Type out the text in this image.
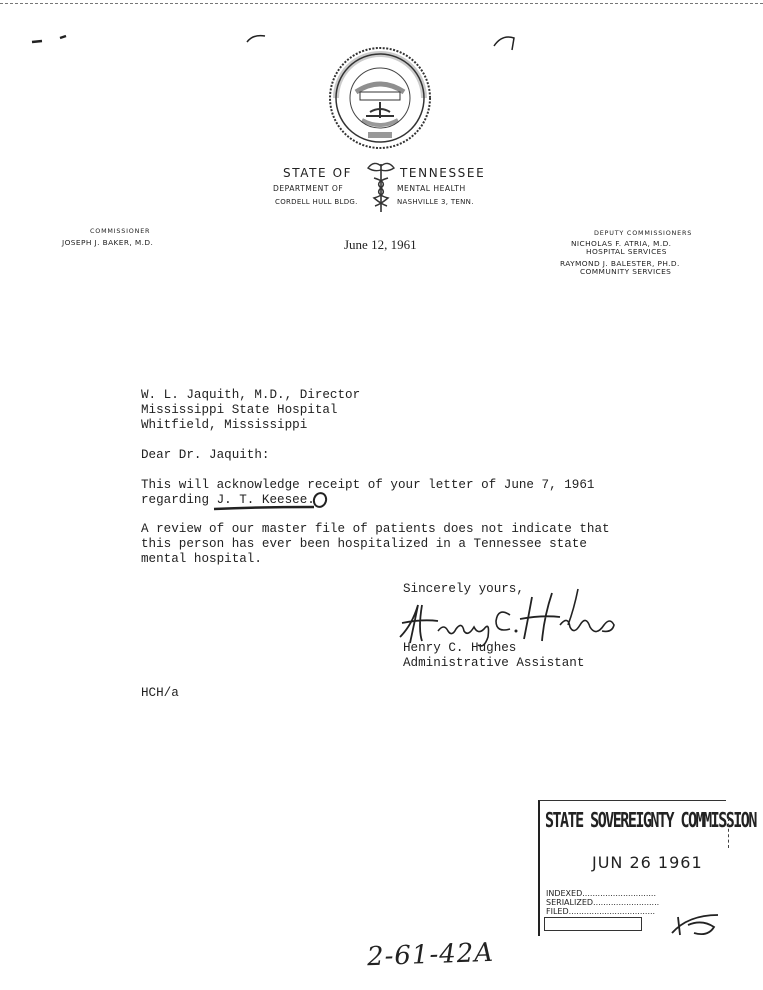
STATE OF	TENNESSEE
DEPARTMENT OF	MENTAL HEALTH
CORDELL HULL BLDG.	NASHVILLE 3, TENN.
COMMISSIONER
JOSEPH J. BAKER, M.D.
DEPUTY COMMISSIONERS
NICHOLAS F. ATRIA, M.D.
HOSPITAL SERVICES
RAYMOND J. BALESTER, PH.D.
COMMUNITY SERVICES
June 12, 1961
W. L. Jaquith, M.D., Director
Mississippi State Hospital
Whitfield, Mississippi
Dear Dr. Jaquith:
This will acknowledge receipt of your letter of June 7, 1961
regarding J. T. Keesee.
A review of our master file of patients does not indicate that
this person has ever been hospitalized in a Tennessee state
mental hospital.
Sincerely yours,
Henry C. Hughes
Administrative Assistant
HCH/a
STATE SOVEREIGNTY COMMISSION
JUN 26 1961
INDEXED.............................
SERIALIZED..........................
FILED..................................
2-61-42A
